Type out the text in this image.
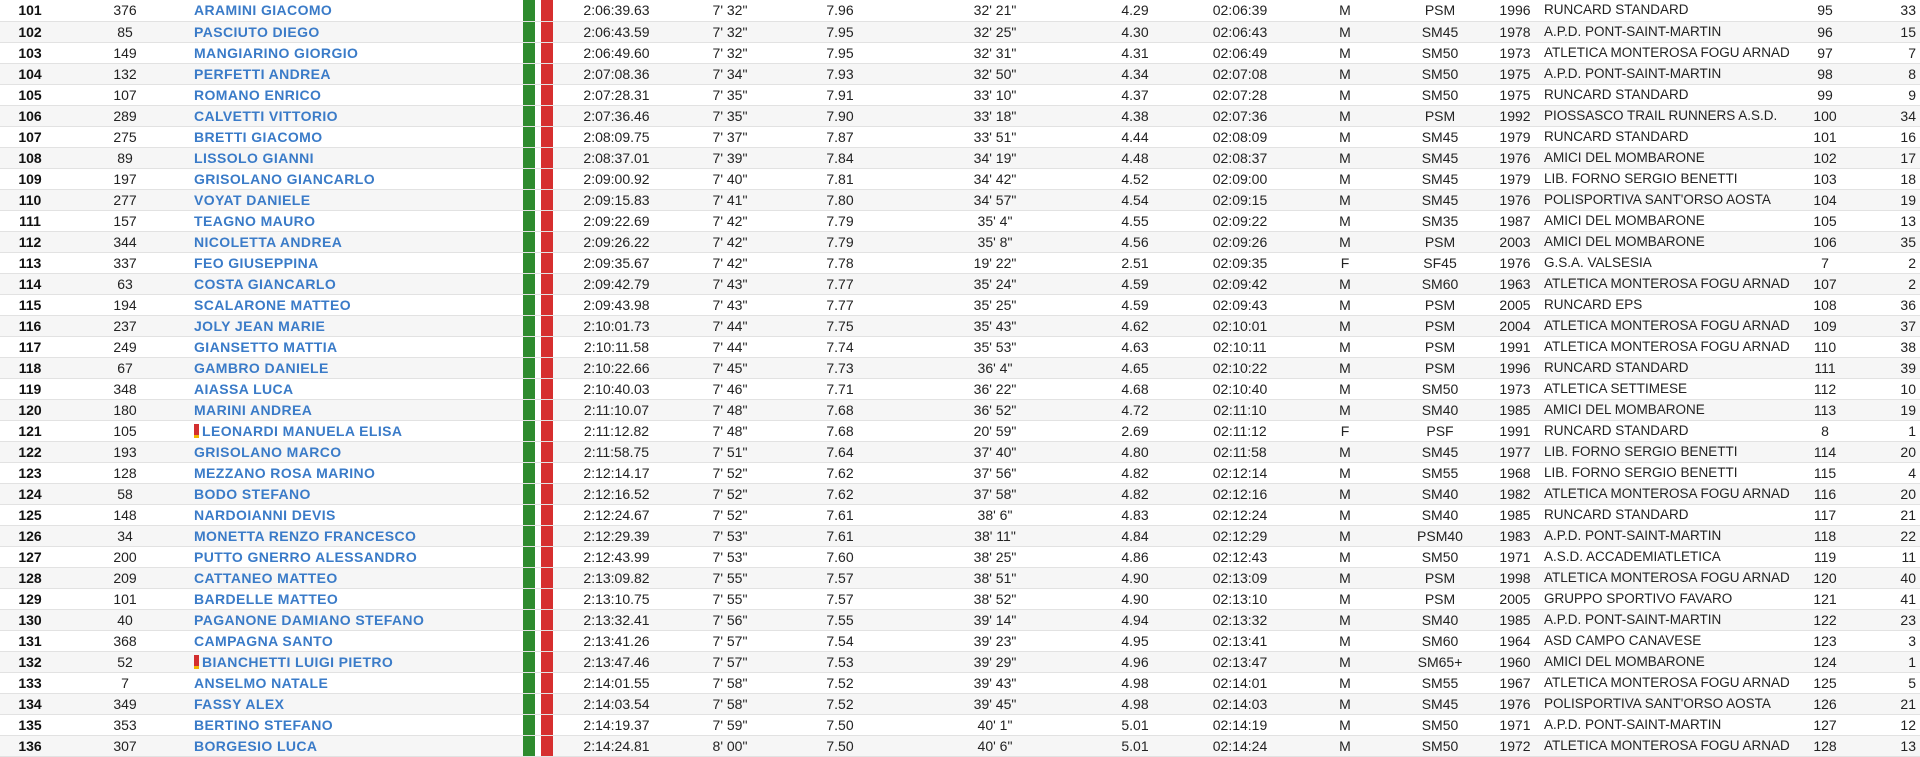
101	376	ARAMINI GIACOMO		2:06:39.63	7' 32"	7.96	32' 21"	4.29	02:06:39	M	PSM	1996	RUNCARD STANDARD	95	33
102	85	PASCIUTO DIEGO		2:06:43.59	7' 32"	7.95	32' 25"	4.30	02:06:43	M	SM45	1978	A.P.D. PONT-SAINT-MARTIN	96	15
103	149	MANGIARINO GIORGIO		2:06:49.60	7' 32"	7.95	32' 31"	4.31	02:06:49	M	SM50	1973	ATLETICA MONTEROSA FOGU ARNAD	97	7
104	132	PERFETTI ANDREA		2:07:08.36	7' 34"	7.93	32' 50"	4.34	02:07:08	M	SM50	1975	A.P.D. PONT-SAINT-MARTIN	98	8
105	107	ROMANO ENRICO		2:07:28.31	7' 35"	7.91	33' 10"	4.37	02:07:28	M	SM50	1975	RUNCARD STANDARD	99	9
106	289	CALVETTI VITTORIO		2:07:36.46	7' 35"	7.90	33' 18"	4.38	02:07:36	M	PSM	1992	PIOSSASCO TRAIL RUNNERS A.S.D.	100	34
107	275	BRETTI GIACOMO		2:08:09.75	7' 37"	7.87	33' 51"	4.44	02:08:09	M	SM45	1979	RUNCARD STANDARD	101	16
108	89	LISSOLO GIANNI		2:08:37.01	7' 39"	7.84	34' 19"	4.48	02:08:37	M	SM45	1976	AMICI DEL MOMBARONE	102	17
109	197	GRISOLANO GIANCARLO		2:09:00.92	7' 40"	7.81	34' 42"	4.52	02:09:00	M	SM45	1979	LIB. FORNO SERGIO BENETTI	103	18
110	277	VOYAT DANIELE		2:09:15.83	7' 41"	7.80	34' 57"	4.54	02:09:15	M	SM45	1976	POLISPORTIVA SANT'ORSO AOSTA	104	19
111	157	TEAGNO MAURO		2:09:22.69	7' 42"	7.79	35' 4"	4.55	02:09:22	M	SM35	1987	AMICI DEL MOMBARONE	105	13
112	344	NICOLETTA ANDREA		2:09:26.22	7' 42"	7.79	35' 8"	4.56	02:09:26	M	PSM	2003	AMICI DEL MOMBARONE	106	35
113	337	FEO GIUSEPPINA		2:09:35.67	7' 42"	7.78	19' 22"	2.51	02:09:35	F	SF45	1976	G.S.A. VALSESIA	7	2
114	63	COSTA GIANCARLO		2:09:42.79	7' 43"	7.77	35' 24"	4.59	02:09:42	M	SM60	1963	ATLETICA MONTEROSA FOGU ARNAD	107	2
115	194	SCALARONE MATTEO		2:09:43.98	7' 43"	7.77	35' 25"	4.59	02:09:43	M	PSM	2005	RUNCARD EPS	108	36
116	237	JOLY JEAN MARIE		2:10:01.73	7' 44"	7.75	35' 43"	4.62	02:10:01	M	PSM	2004	ATLETICA MONTEROSA FOGU ARNAD	109	37
117	249	GIANSETTO MATTIA		2:10:11.58	7' 44"	7.74	35' 53"	4.63	02:10:11	M	PSM	1991	ATLETICA MONTEROSA FOGU ARNAD	110	38
118	67	GAMBRO DANIELE		2:10:22.66	7' 45"	7.73	36' 4"	4.65	02:10:22	M	PSM	1996	RUNCARD STANDARD	111	39
119	348	AIASSA LUCA		2:10:40.03	7' 46"	7.71	36' 22"	4.68	02:10:40	M	SM50	1973	ATLETICA SETTIMESE	112	10
120	180	MARINI ANDREA		2:11:10.07	7' 48"	7.68	36' 52"	4.72	02:11:10	M	SM40	1985	AMICI DEL MOMBARONE	113	19
121	105	LEONARDI MANUELA ELISA		2:11:12.82	7' 48"	7.68	20' 59"	2.69	02:11:12	F	PSF	1991	RUNCARD STANDARD	8	1
122	193	GRISOLANO MARCO		2:11:58.75	7' 51"	7.64	37' 40"	4.80	02:11:58	M	SM45	1977	LIB. FORNO SERGIO BENETTI	114	20
123	128	MEZZANO ROSA MARINO		2:12:14.17	7' 52"	7.62	37' 56"	4.82	02:12:14	M	SM55	1968	LIB. FORNO SERGIO BENETTI	115	4
124	58	BODO STEFANO		2:12:16.52	7' 52"	7.62	37' 58"	4.82	02:12:16	M	SM40	1982	ATLETICA MONTEROSA FOGU ARNAD	116	20
125	148	NARDOIANNI DEVIS		2:12:24.67	7' 52"	7.61	38' 6"	4.83	02:12:24	M	SM40	1985	RUNCARD STANDARD	117	21
126	34	MONETTA RENZO FRANCESCO		2:12:29.39	7' 53"	7.61	38' 11"	4.84	02:12:29	M	PSM40	1983	A.P.D. PONT-SAINT-MARTIN	118	22
127	200	PUTTO GNERRO ALESSANDRO		2:12:43.99	7' 53"	7.60	38' 25"	4.86	02:12:43	M	SM50	1971	A.S.D. ACCADEMIATLETICA	119	11
128	209	CATTANEO MATTEO		2:13:09.82	7' 55"	7.57	38' 51"	4.90	02:13:09	M	PSM	1998	ATLETICA MONTEROSA FOGU ARNAD	120	40
129	101	BARDELLE MATTEO		2:13:10.75	7' 55"	7.57	38' 52"	4.90	02:13:10	M	PSM	2005	GRUPPO SPORTIVO FAVARO	121	41
130	40	PAGANONE DAMIANO STEFANO		2:13:32.41	7' 56"	7.55	39' 14"	4.94	02:13:32	M	SM40	1985	A.P.D. PONT-SAINT-MARTIN	122	23
131	368	CAMPAGNA SANTO		2:13:41.26	7' 57"	7.54	39' 23"	4.95	02:13:41	M	SM60	1964	ASD CAMPO CANAVESE	123	3
132	52	BIANCHETTI LUIGI PIETRO		2:13:47.46	7' 57"	7.53	39' 29"	4.96	02:13:47	M	SM65+	1960	AMICI DEL MOMBARONE	124	1
133	7	ANSELMO NATALE		2:14:01.55	7' 58"	7.52	39' 43"	4.98	02:14:01	M	SM55	1967	ATLETICA MONTEROSA FOGU ARNAD	125	5
134	349	FASSY ALEX		2:14:03.54	7' 58"	7.52	39' 45"	4.98	02:14:03	M	SM45	1976	POLISPORTIVA SANT'ORSO AOSTA	126	21
135	353	BERTINO STEFANO		2:14:19.37	7' 59"	7.50	40' 1"	5.01	02:14:19	M	SM50	1971	A.P.D. PONT-SAINT-MARTIN	127	12
136	307	BORGESIO LUCA		2:14:24.81	8' 00"	7.50	40' 6"	5.01	02:14:24	M	SM50	1972	ATLETICA MONTEROSA FOGU ARNAD	128	13
